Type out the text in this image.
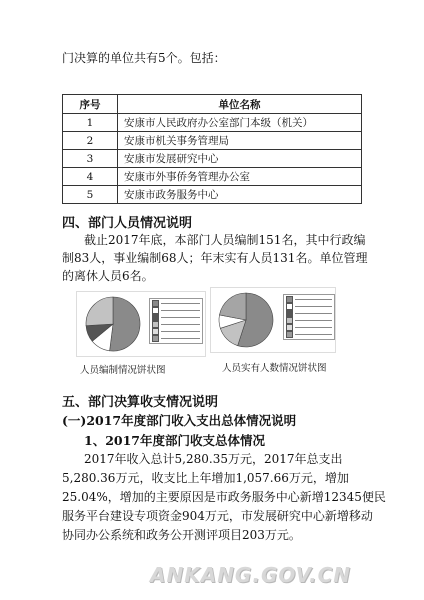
门决算的单位共有5个。包括：
序号	单位名称
1	安康市人民政府办公室部门本级（机关）
2	安康市机关事务管理局
3	安康市发展研究中心
4	安康市外事侨务管理办公室
5	安康市政务服务中心
四、部门人员情况说明
截止2017年底，本部门人员编制151名，其中行政编
制83人，事业编制68人；年末实有人员131名。单位管理
的离休人员6名。
人员编制情况饼状图	人员实有人数情况饼状图
五、部门决算收支情况说明
(一)2017年度部门收入支出总体情况说明
1、2017年度部门收支总体情况
2017年收入总计5,280.35万元，2017年总支出
5,280.36万元，收支比上年增加1,057.66万元，增加
25.04%，增加的主要原因是市政务服务中心新增12345便民
服务平台建设专项资金904万元，市发展研究中心新增移动
协同办公系统和政务公开测评项目203万元。
ANKANG.GOV.CN
